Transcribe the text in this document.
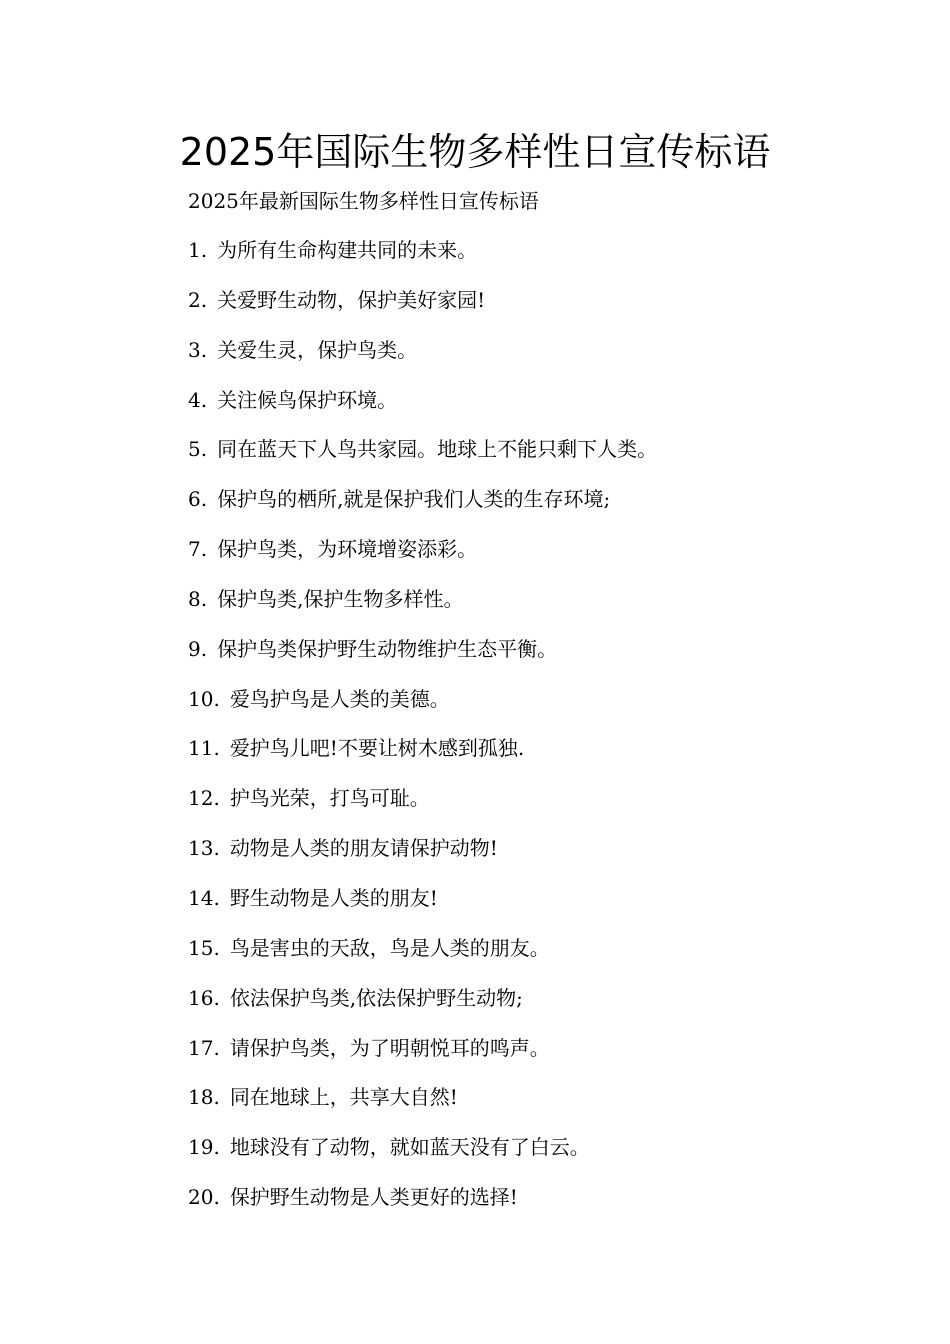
2025年国际生物多样性日宣传标语
2025年最新国际生物多样性日宣传标语
1. 为所有生命构建共同的未来。
2. 关爱野生动物，保护美好家园!
3. 关爱生灵，保护鸟类。
4. 关注候鸟保护环境。
5. 同在蓝天下人鸟共家园。地球上不能只剩下人类。
6. 保护鸟的栖所,就是保护我们人类的生存环境;
7. 保护鸟类，为环境增姿添彩。
8. 保护鸟类,保护生物多样性。
9. 保护鸟类保护野生动物维护生态平衡。
10. 爱鸟护鸟是人类的美德。
11. 爱护鸟儿吧!不要让树木感到孤独.
12. 护鸟光荣，打鸟可耻。
13. 动物是人类的朋友请保护动物!
14. 野生动物是人类的朋友!
15. 鸟是害虫的天敌，鸟是人类的朋友。
16. 依法保护鸟类,依法保护野生动物;
17. 请保护鸟类，为了明朝悦耳的鸣声。
18. 同在地球上，共享大自然!
19. 地球没有了动物，就如蓝天没有了白云。
20. 保护野生动物是人类更好的选择!
